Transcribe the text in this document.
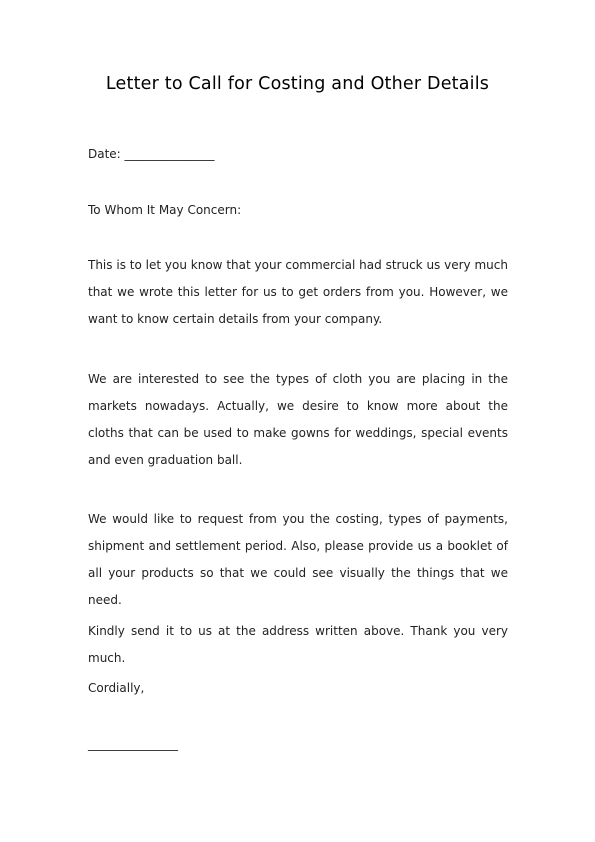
Letter to Call for Costing and Other Details
Date: _______________
To Whom It May Concern:
This is to let you know that your commercial had struck us very much that we wrote this letter for us to get orders from you. However, we want to know certain details from your company.
We are interested to see the types of cloth you are placing in the markets nowadays. Actually, we desire to know more about the cloths that can be used to make gowns for weddings, special events and even graduation ball.
We would like to request from you the costing, types of payments, shipment and settlement period. Also, please provide us a booklet of all your products so that we could see visually the things that we need.
Kindly send it to us at the address written above. Thank you very much.
Cordially,
_______________
